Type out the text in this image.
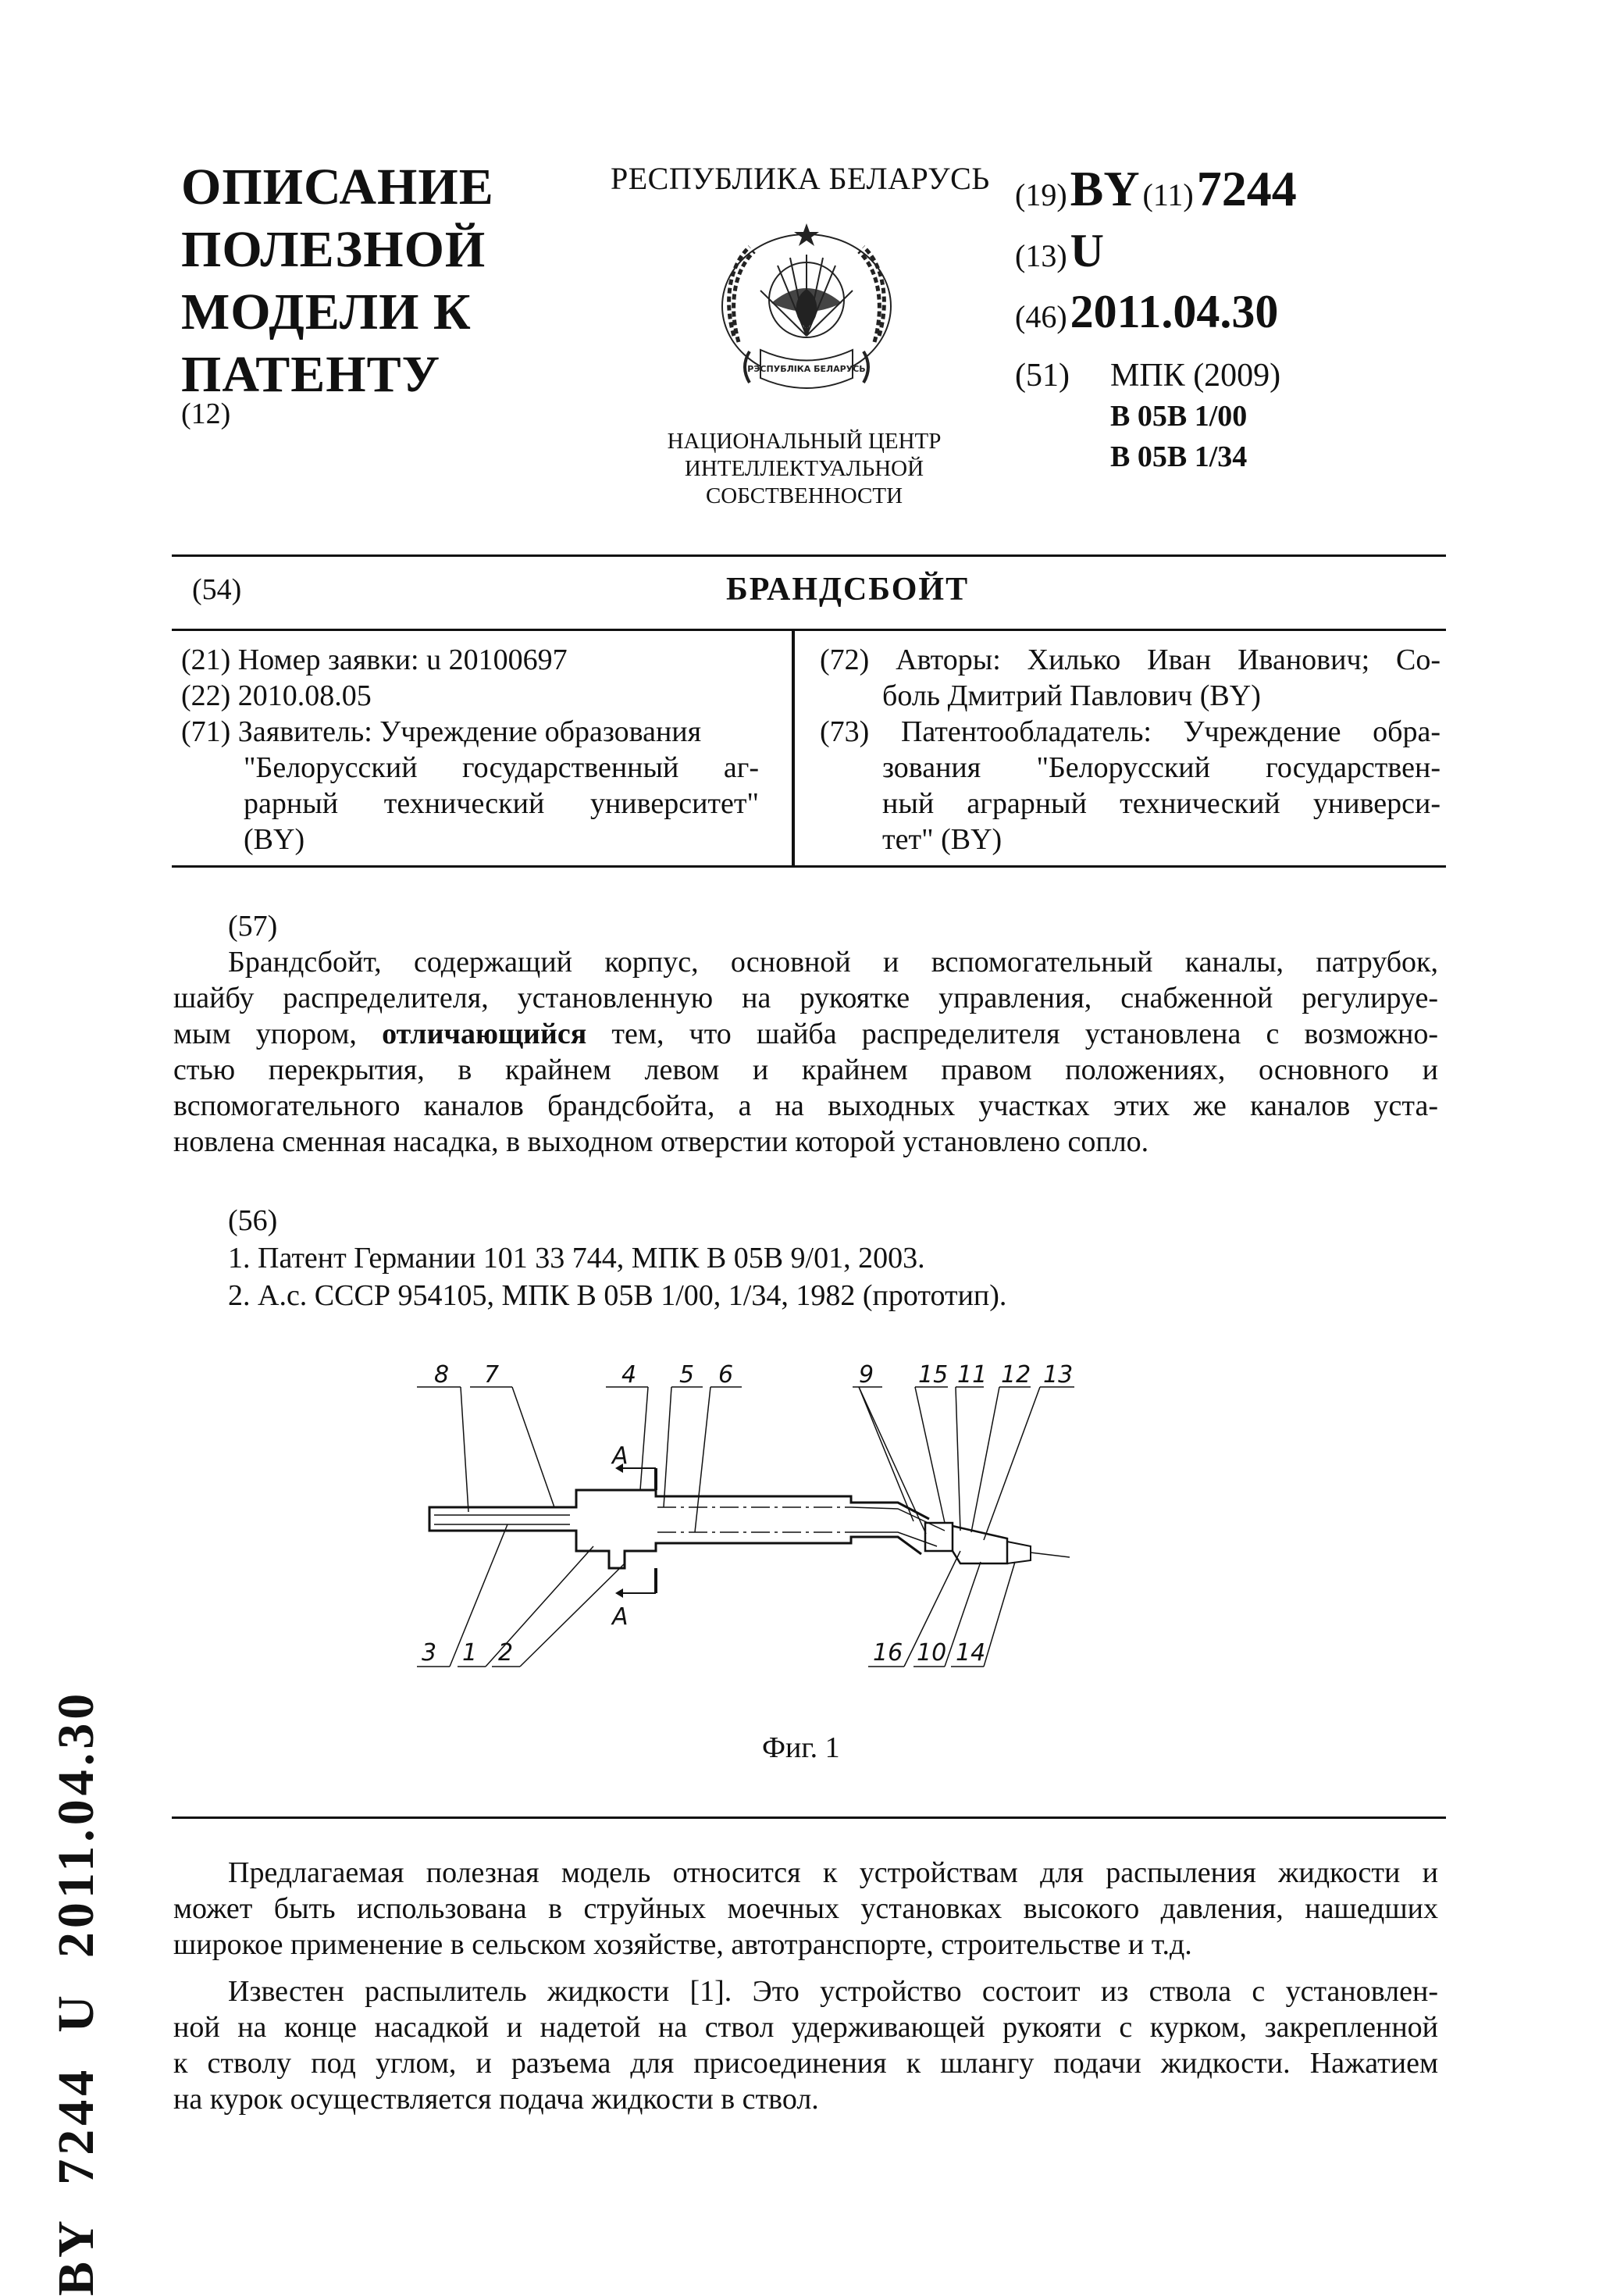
ОПИСАНИЕ
ПОЛЕЗНОЙ
МОДЕЛИ К
ПАТЕНТУ
(12)
РЕСПУБЛИКА БЕЛАРУСЬ
РЭСПУБЛІКА БЕЛАРУСЬ
НАЦИОНАЛЬНЫЙ ЦЕНТР
ИНТЕЛЛЕКТУАЛЬНОЙ
СОБСТВЕННОСТИ
(19) BY (11) 7244
(13) U
(46) 2011.04.30
(51) МПК (2009)
B 05B 1/00
B 05B 1/34
(54)	БРАНДСБОЙТ
(21) Номер заявки: u 20100697
(22) 2010.08.05
(71) Заявитель: Учреждение образования
"Белорусский государственный аг-
рарный технический университет"
(BY)
(72) Авторы: Хилько Иван Иванович; Со-
боль Дмитрий Павлович (BY)
(73) Патентообладатель: Учреждение обра-
зования "Белорусский государствен-
ный аграрный технический универси-
тет" (BY)
(57)
Брандсбойт, содержащий корпус, основной и вспомогательный каналы, патрубок,
шайбу распределителя, установленную на рукоятке управления, снабженной регулируе-
мым упором, отличающийся тем, что шайба распределителя установлена с возможно-
стью перекрытия, в крайнем левом и крайнем правом положениях, основного и
вспомогательного каналов брандсбойта, а на выходных участках этих же каналов уста-
новлена сменная насадка, в выходном отверстии которой установлено сопло.
(56)
1. Патент Германии 101 33 744, МПК B 05B 9/01, 2003.
2. А.с. СССР 954105, МПК B 05B 1/00, 1/34, 1982 (прототип).
А
А
8 7	4 5 6	9 15 11 12 13
3 1 2	16 10 14
Фиг. 1
Предлагаемая полезная модель относится к устройствам для распыления жидкости и
может быть использована в струйных моечных установках высокого давления, нашедших
широкое применение в сельском хозяйстве, автотранспорте, строительстве и т.д.
Известен распылитель жидкости [1]. Это устройство состоит из ствола с установлен-
ной на конце насадкой и надетой на ствол удерживающей рукояти с курком, закрепленной
к стволу под углом, и разъема для присоединения к шлангу подачи жидкости. Нажатием
на курок осуществляется подача жидкости в ствол.
BY  7244  U  2011.04.30
